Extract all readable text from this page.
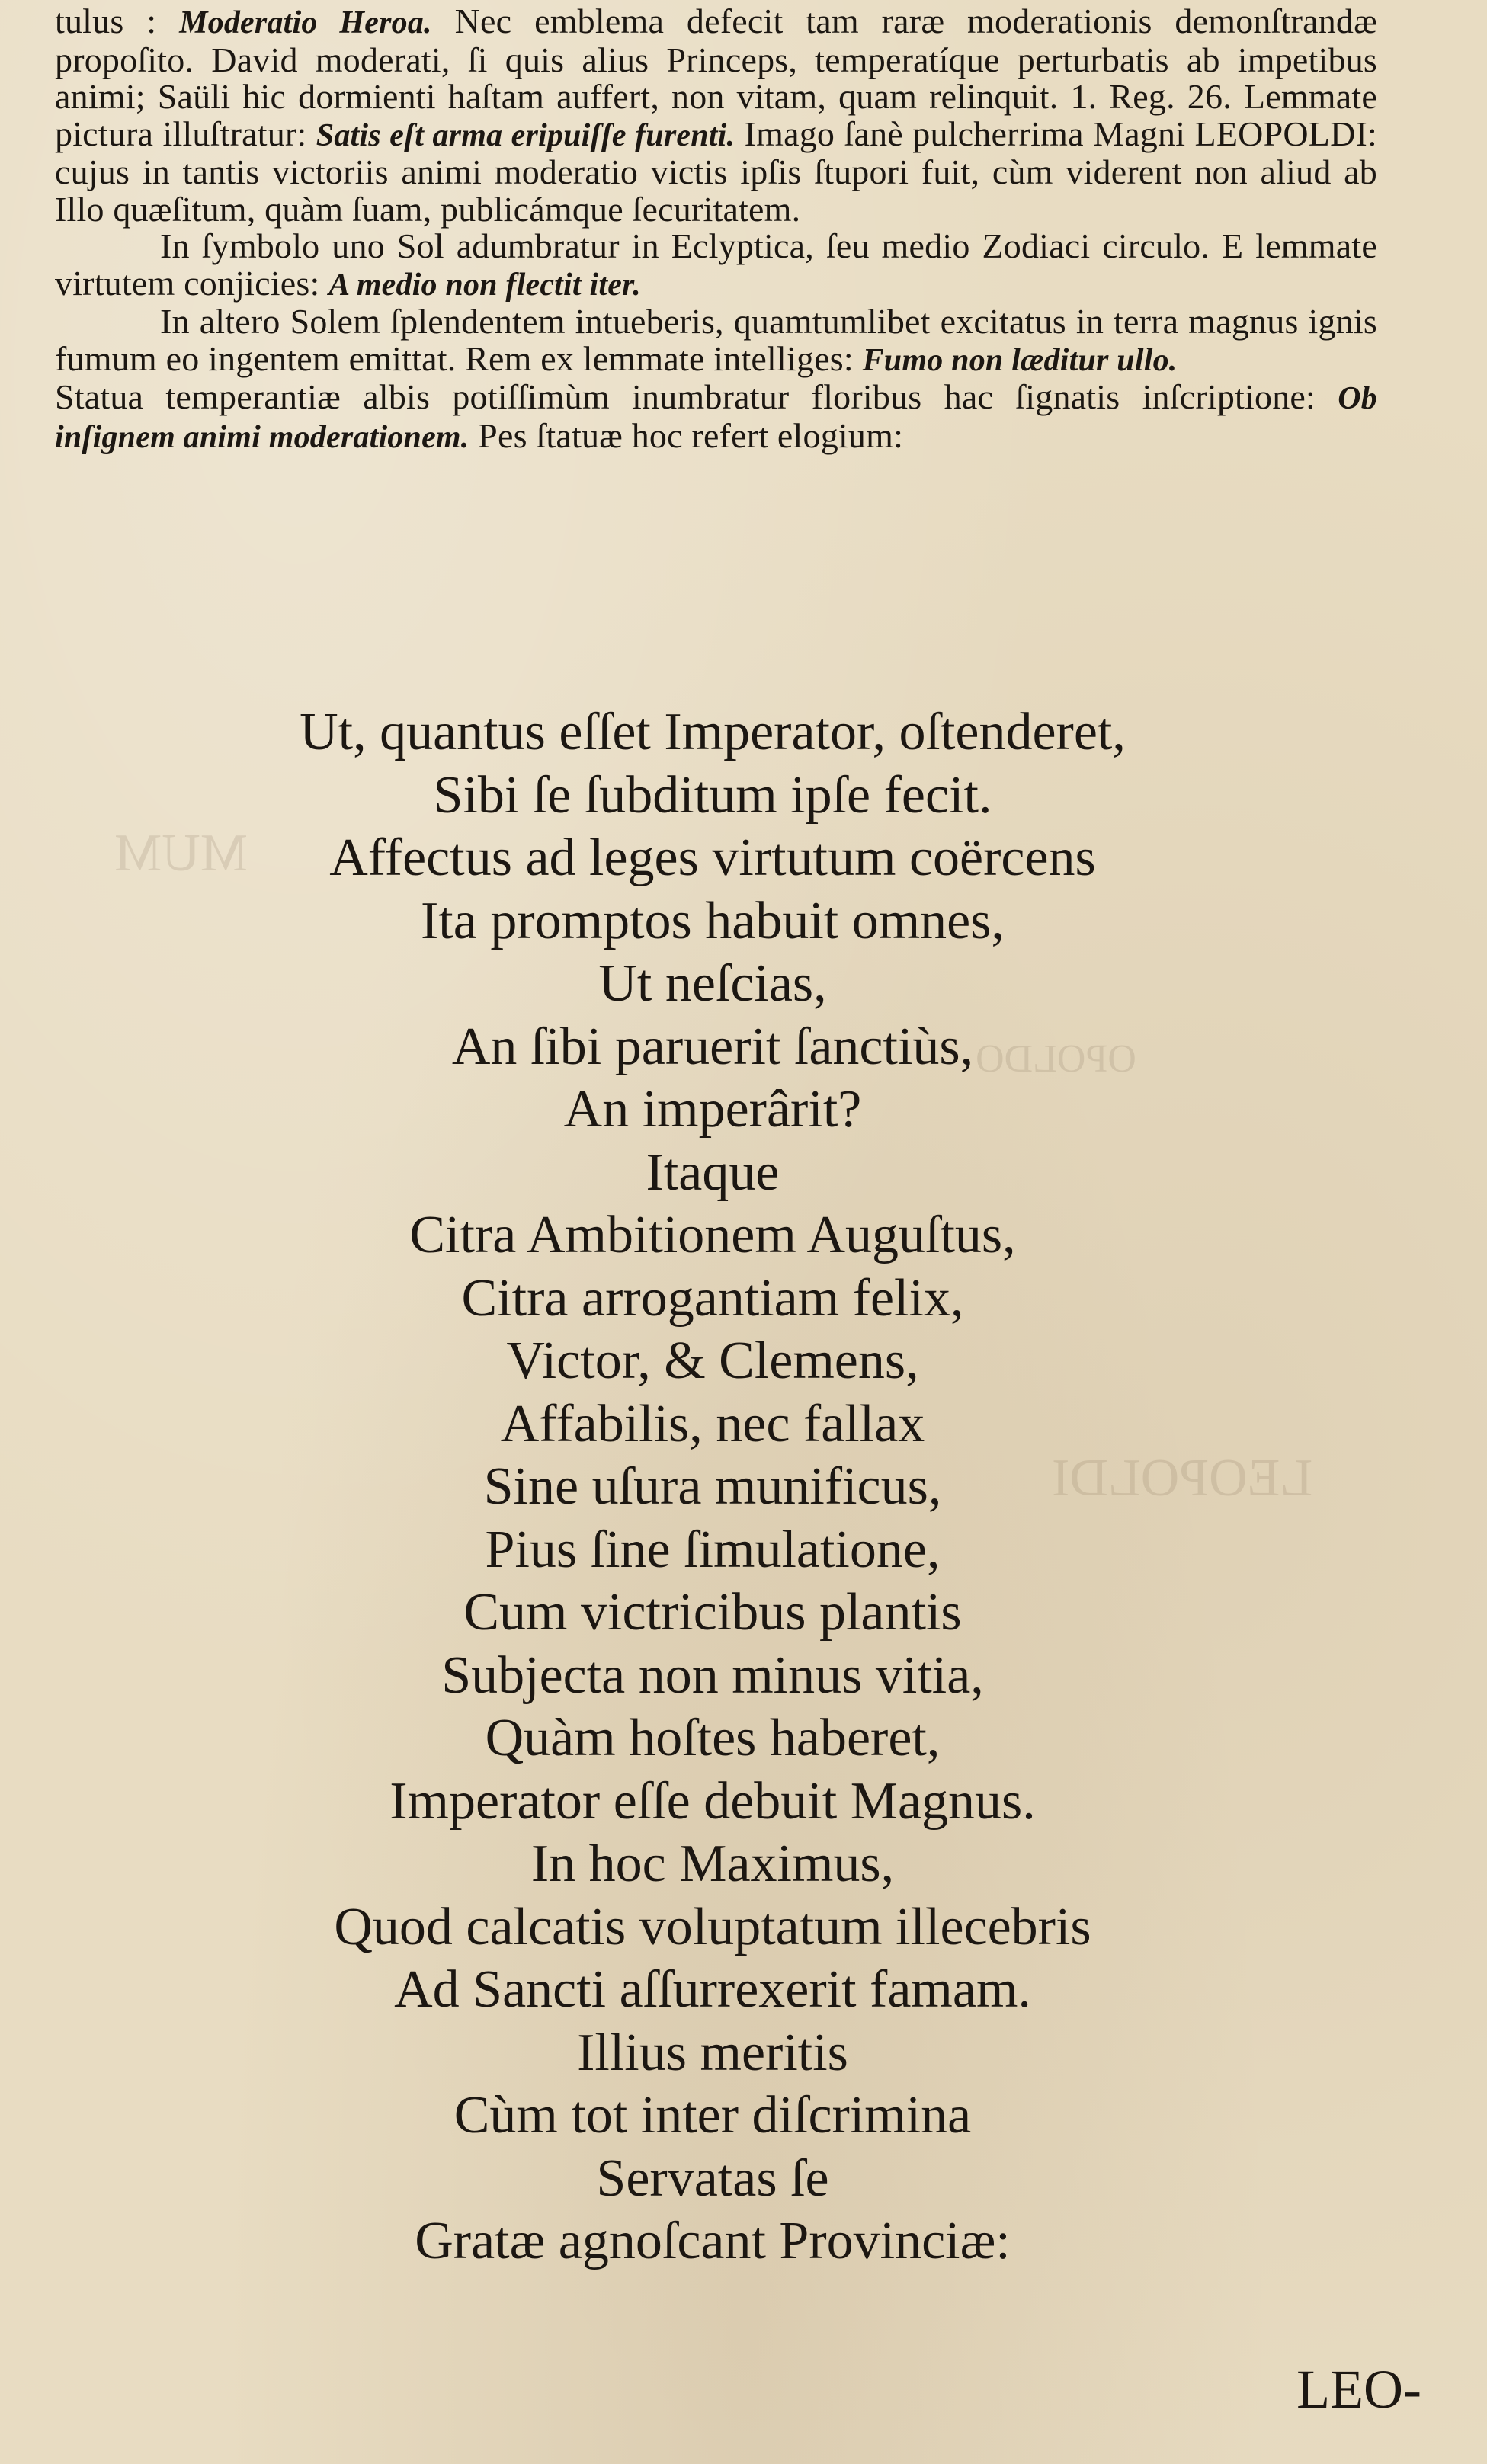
MUM
OPOLDO
LEOPOLDI

tulus : Moderatio Heroa. Nec emblema defecit tam raræ moderationis demonſtrandæ propoſito. David moderati, ſi quis alius Princeps, temperatíque perturbatis ab impetibus animi; Saüli hic dormienti haſtam auffert, non vitam, quam relinquit. 1. Reg. 26. Lemmate pictura illuſtratur: Satis eſt arma eripuiſſe furenti. Imago ſanè pulcherrima Magni LEOPOLDI: cujus in tantis victoriis animi moderatio victis ipſis ſtupori fuit, cùm viderent non aliud ab Illo quæſitum, quàm ſuam, publicámque ſecuritatem.

In ſymbolo uno Sol adumbratur in Eclyptica, ſeu medio Zodiaci circulo. E lemmate virtutem conjicies: A medio non flectit iter.

In altero Solem ſplendentem intueberis, quamtumlibet excitatus in terra magnus ignis fumum eo ingentem emittat. Rem ex lemmate intelliges: Fumo non læditur ullo.

Statua temperantiæ albis potiſſimùm inumbratur floribus hac ſignatis inſcriptione: Ob inſignem animi moderationem. Pes ſtatuæ hoc refert elogium:

Ut, quantus eſſet Imperator, oſtenderet,
Sibi ſe ſubditum ipſe fecit.
Affectus ad leges virtutum coërcens
Ita promptos habuit omnes,
Ut neſcias,
An ſibi paruerit ſanctiùs,
An imperârit?
Itaque
Citra Ambitionem Auguſtus,
Citra arrogantiam felix,
Victor, & Clemens,
Affabilis, nec fallax
Sine uſura munificus,
Pius ſine ſimulatione,
Cum victricibus plantis
Subjecta non minus vitia,
Quàm hoſtes haberet,
Imperator eſſe debuit Magnus.
In hoc Maximus,
Quod calcatis voluptatum illecebris
Ad Sancti aſſurrexerit famam.
Illius meritis
Cùm tot inter diſcrimina
Servatas ſe
Gratæ agnoſcant Provinciæ:
LEO-
